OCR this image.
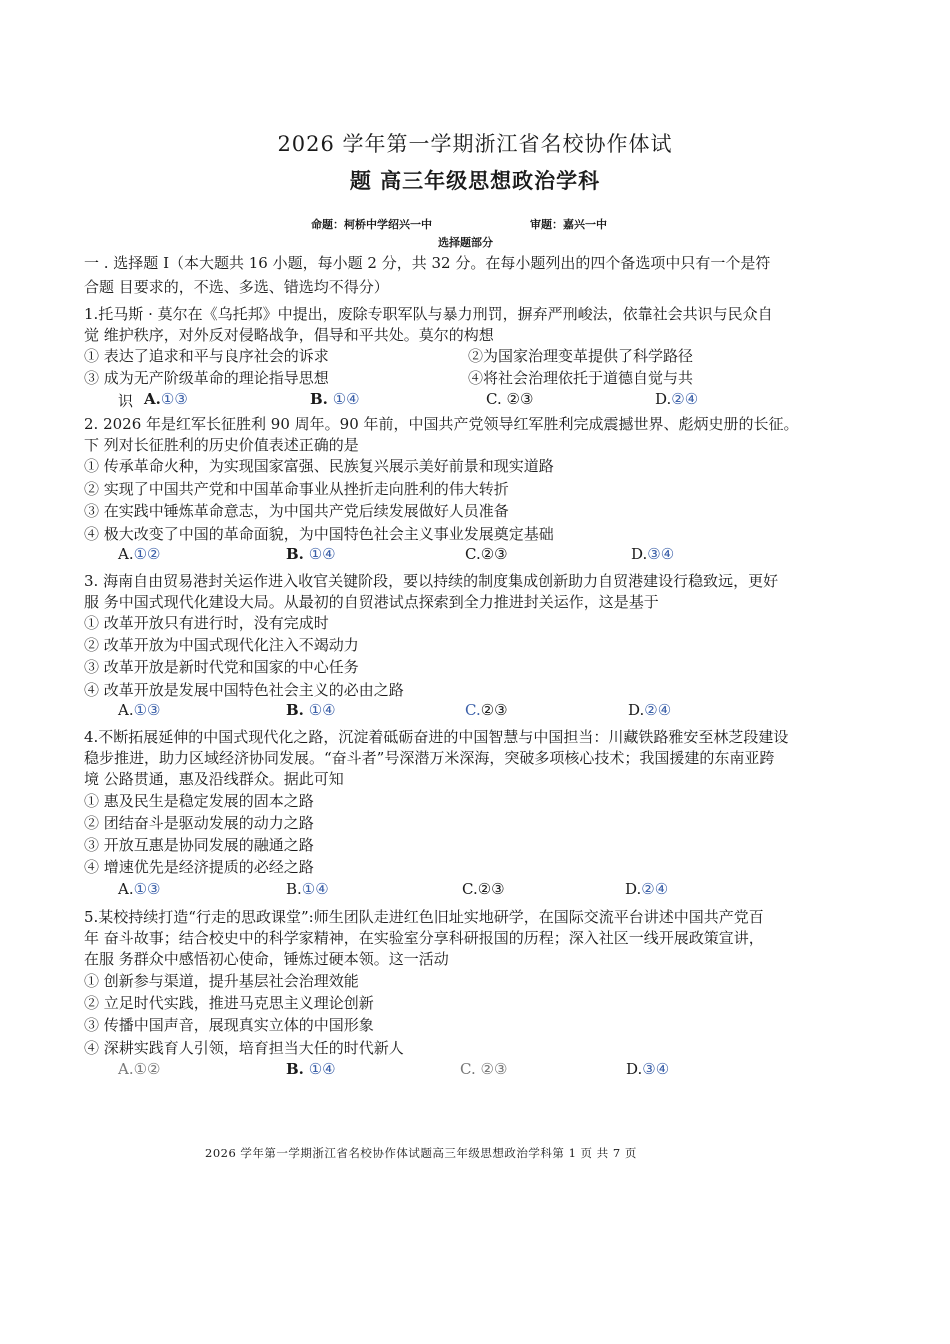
2026 学年第一学期浙江省名校协作体试
题 高三年级思想政治学科
命题：柯桥中学绍兴一中	审题：嘉兴一中
选择题部分
一 . 选择题 I（本大题共 16 小题，每小题 2 分，共 32 分。在每小题列出的四个备选项中只有一个是符
合题 目要求的，不选、多选、错选均不得分）
1.托马斯 · 莫尔在《乌托邦》中提出，废除专职军队与暴力刑罚，摒弃严刑峻法，依靠社会共识与民众自
觉 维护秩序，对外反对侵略战争，倡导和平共处。莫尔的构想
① 表达了追求和平与良序社会的诉求	②为国家治理变革提供了科学路径
③ 成为无产阶级革命的理论指导思想	④将社会治理依托于道德自觉与共
识 A.①③	B. ①④	C. ②③	D.②④
2. 2026 年是红军长征胜利 90 周年。90 年前，中国共产党领导红军胜利完成震撼世界、彪炳史册的长征。
下 列对长征胜利的历史价值表述正确的是
① 传承革命火种，为实现国家富强、民族复兴展示美好前景和现实道路
② 实现了中国共产党和中国革命事业从挫折走向胜利的伟大转折
③ 在实践中锤炼革命意志，为中国共产党后续发展做好人员准备
④ 极大改变了中国的革命面貌，为中国特色社会主义事业发展奠定基础
A.①②	B. ①④	C.②③	D.③④
3. 海南自由贸易港封关运作进入收官关键阶段，要以持续的制度集成创新助力自贸港建设行稳致远，更好
服 务中国式现代化建设大局。从最初的自贸港试点探索到全力推进封关运作，这是基于
① 改革开放只有进行时，没有完成时
② 改革开放为中国式现代化注入不竭动力
③ 改革开放是新时代党和国家的中心任务
④ 改革开放是发展中国特色社会主义的必由之路
A.①③	B. ①④	C.②③	D.②④
4.不断拓展延伸的中国式现代化之路，沉淀着砥砺奋进的中国智慧与中国担当：川藏铁路雅安至林芝段建设
稳步推进，助力区域经济协同发展。“奋斗者”号深潜万米深海，突破多项核心技术；我国援建的东南亚跨
境 公路贯通，惠及沿线群众。据此可知
① 惠及民生是稳定发展的固本之路
② 团结奋斗是驱动发展的动力之路
③ 开放互惠是协同发展的融通之路
④ 增速优先是经济提质的必经之路
A.①③	B.①④	C.②③	D.②④
5.某校持续打造“行走的思政课堂”:师生团队走进红色旧址实地研学，在国际交流平台讲述中国共产党百
年 奋斗故事；结合校史中的科学家精神，在实验室分享科研报国的历程；深入社区一线开展政策宣讲，
在服 务群众中感悟初心使命，锤炼过硬本领。这一活动
① 创新参与渠道，提升基层社会治理效能
② 立足时代实践，推进马克思主义理论创新
③ 传播中国声音，展现真实立体的中国形象
④ 深耕实践育人引领，培育担当大任的时代新人
A.①②	B. ①④	C. ②③	D.③④
2026 学年第一学期浙江省名校协作体试题高三年级思想政治学科第 1 页 共 7 页
